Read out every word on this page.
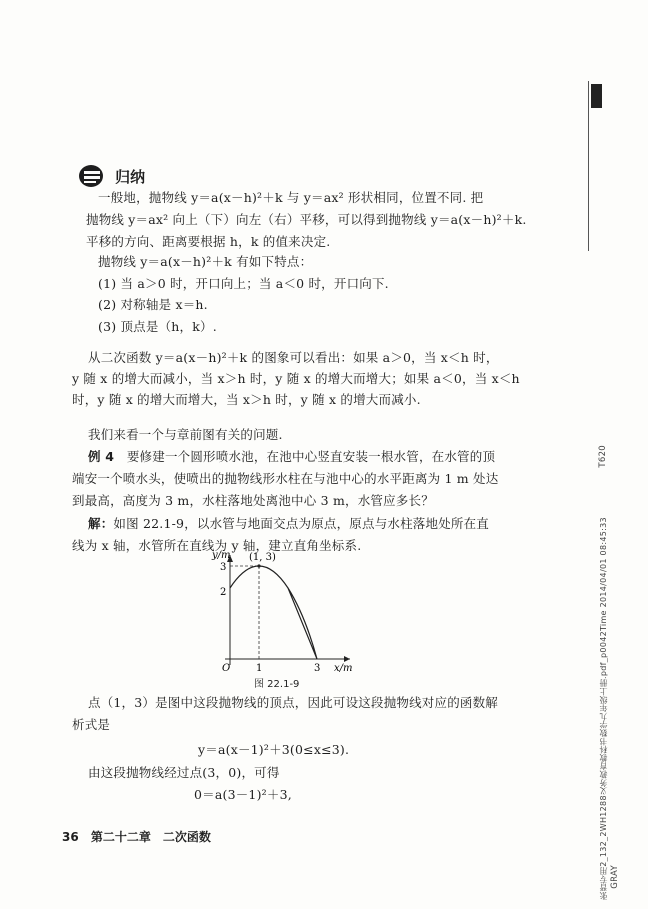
归纳
一般地，抛物线 y＝a(x－h)²＋k 与 y＝ax² 形状相同，位置不同. 把
抛物线 y＝ax² 向上（下）向左（右）平移，可以得到抛物线 y＝a(x－h)²＋k.
平移的方向、距离要根据 h，k 的值来决定.
抛物线 y＝a(x－h)²＋k 有如下特点：
(1) 当 a＞0 时，开口向上；当 a＜0 时，开口向下.
(2) 对称轴是 x＝h.
(3) 顶点是（h，k）.
从二次函数 y＝a(x－h)²＋k 的图象可以看出：如果 a＞0，当 x＜h 时，
y 随 x 的增大而减小，当 x＞h 时，y 随 x 的增大而增大；如果 a＜0，当 x＜h
时，y 随 x 的增大而增大，当 x＞h 时，y 随 x 的增大而减小.
我们来看一个与章前图有关的问题.
例 4　 要修建一个圆形喷水池，在池中心竖直安装一根水管，在水管的顶
端安一个喷水头，使喷出的抛物线形水柱在与池中心的水平距离为 1 m 处达
到最高，高度为 3 m，水柱落地处离池中心 3 m，水管应多长？
解：如图 22.1-9，以水管与地面交点为原点，原点与水柱落地处所在直
线为 x 轴，水管所在直线为 y 轴，建立直角坐标系.
y/m
x/m
(1, 3)
O	1	3
3
2
图 22.1-9
点（1，3）是图中这段抛物线的顶点，因此可设这段抛物线对应的函数解
析式是
y＝a(x－1)²＋3(0≤x≤3).
由这段抛物线经过点(3，0)，可得
0＝a(3－1)²＋3,
36 第二十二章　二次函数
T620
张晋专用2_132_2WH1288义务教育教科书数学九年级上册.pdf_p0042Time 2014/04/01 08:45:33 GRAY
